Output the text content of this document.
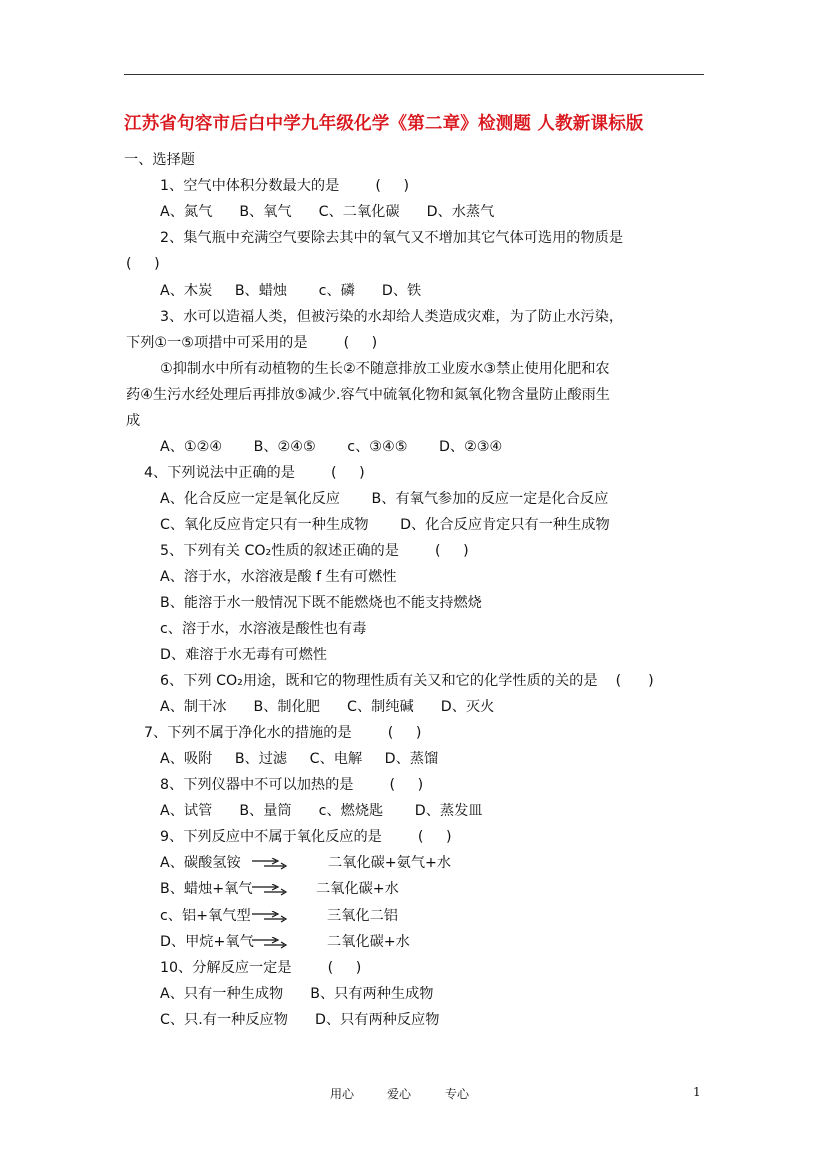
江苏省句容市后白中学九年级化学《第二章》检测题 人教新课标版
一、选择题
1、空气中体积分数最大的是        (     )
A、氮气      B、氧气      C、二氧化碳      D、水蒸气
2、集气瓶中充满空气要除去其中的氧气又不增加其它气体可选用的物质是
(     )
A、木炭     B、蜡烛       c、磷      D、铁
3、水可以造福人类，但被污染的水却给人类造成灾难，为了防止水污染，
下列①一⑤项措中可采用的是        (     )
①抑制水中所有动植物的生长②不随意排放工业废水③禁止使用化肥和农
药④生污水经处理后再排放⑤减少.容气中硫氧化物和氮氧化物含量防止酸雨生
成
A、①②④       B、②④⑤       c、③④⑤       D、②③④
4、下列说法中正确的是        (     )
A、化合反应一定是氧化反应       B、有氧气参加的反应一定是化合反应
C、氧化反应肯定只有一种生成物       D、化合反应肯定只有一种生成物
5、下列有关 CO₂性质的叙述正确的是        (     )
A、溶于水，水溶液是酸 f 生有可燃性
B、能溶于水一般情况下既不能燃烧也不能支持燃烧
c、溶于水，水溶液是酸性也有毒
D、难溶于水无毒有可燃性
6、下列 CO₂用途，既和它的物理性质有关又和它的化学性质的关的是    (      )
A、制干冰      B、制化肥      C、制纯碱      D、灭火
7、下列不属于净化水的措施的是        (     )
A、吸附     B、过滤     C、电解     D、蒸馏
8、下列仪器中不可以加热的是        (     )
A、试管      B、量筒      c、燃烧匙       D、蒸发皿
9、下列反应中不属于氧化反应的是        (     )
A、碳酸氢铵	二氧化碳+氨气+水
B、蜡烛+氧气	二氧化碳+水
c、铝+氧气型	三氧化二铝
D、甲烷+氧气	二氧化碳+水
10、分解反应一定是        (     )
A、只有一种生成物      B、只有两种生成物
C、只.有一种反应物      D、只有两种反应物
用心	爱心	专心	1
